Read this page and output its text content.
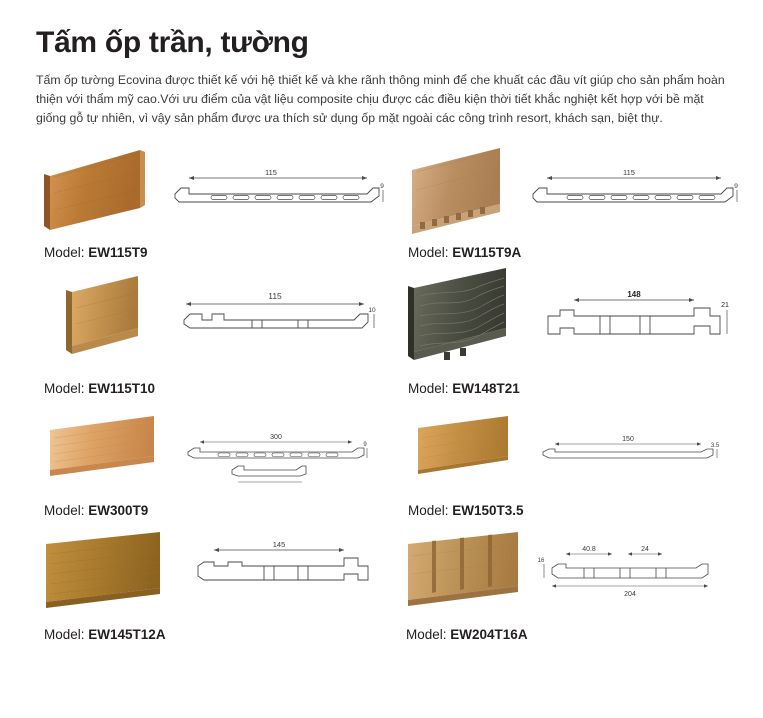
Tấm ốp trần, tường

Tấm ốp tường Ecovina được thiết kế với hệ thiết kế và khe rãnh thông minh để che khuất các đầu vít giúp cho sản phẩm hoàn thiện với thẩm mỹ cao.Với ưu điểm của vật liệu composite chịu được các điều kiện thời tiết khắc nghiệt kết hợp với bề mặt giống gỗ tự nhiên, vì vậy sản phẩm được ưa thích sử dụng ốp mặt ngoài các công trình resort, khách sạn, biệt thự.

115
9
Model: EW115T9
115
9
Model: EW115T9A
115
10
Model: EW115T10
148
21
Model: EW148T21
300
9
Model: EW300T9
150
3.5
Model: EW150T3.5
145
Model: EW145T12A
40.8	24
16
204
Model: EW204T16A
